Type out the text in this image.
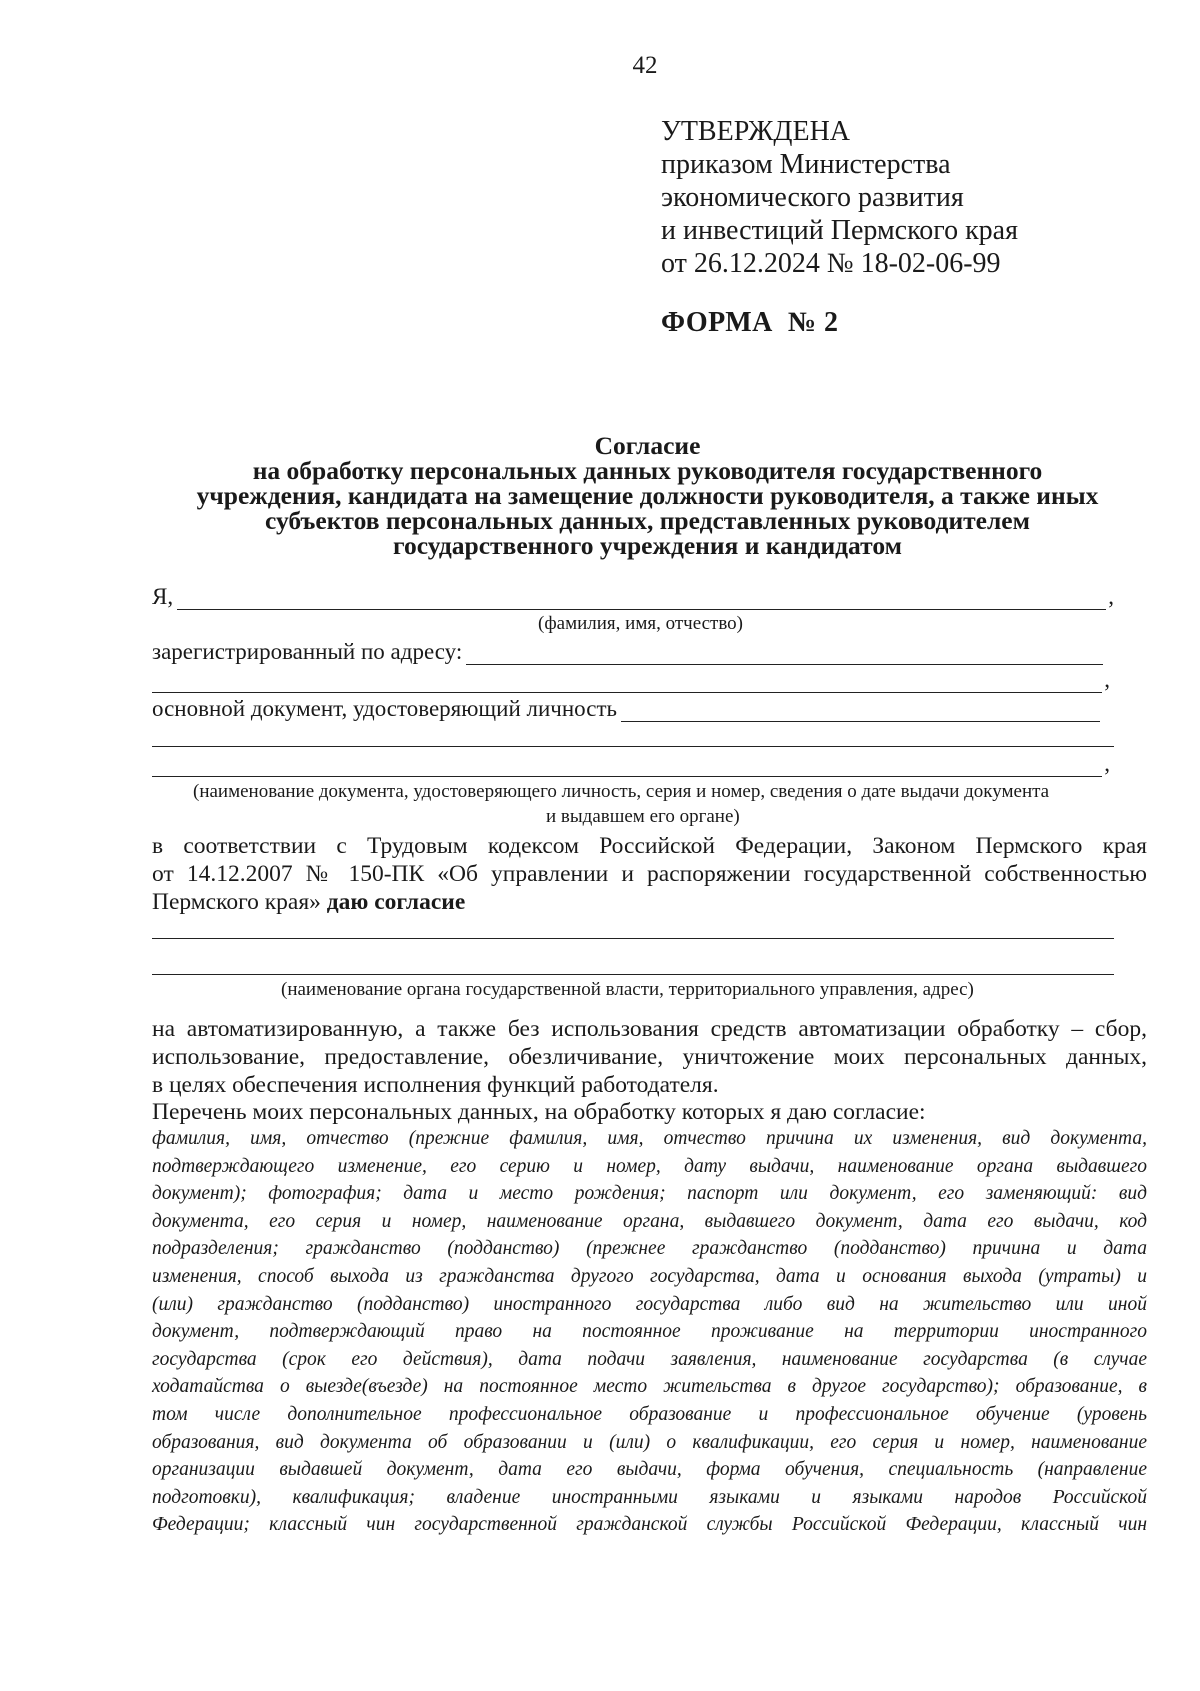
42
УТВЕРЖДЕНА
приказом Министерства
экономического развития
и инвестиций Пермского края
от 26.12.2024 № 18-02-06-99
ФОРМА  № 2
Согласие
на обработку персональных данных руководителя государственного
учреждения, кандидата на замещение должности руководителя, а также иных
субъектов персональных данных, представленных руководителем
государственного учреждения и кандидатом
Я,	,
(фамилия, имя, отчество)
зарегистрированный по адресу:
,
основной документ, удостоверяющий личность
,
(наименование документа, удостоверяющего личность, серия и номер, сведения о дате выдачи документа
и выдавшем его органе)
в соответствии с Трудовым кодексом Российской Федерации, Законом Пермского края
от 14.12.2007 № 150-ПК «Об управлении и распоряжении государственной собственностью
Пермского края» даю согласие
(наименование органа государственной власти, территориального управления, адрес)
на автоматизированную, а также без использования средств автоматизации обработку – сбор,
использование, предоставление, обезличивание, уничтожение моих персональных данных,
в целях обеспечения исполнения функций работодателя.
Перечень моих персональных данных, на обработку которых я даю согласие:
фамилия, имя, отчество (прежние фамилия, имя, отчество причина их изменения, вид документа,
подтверждающего изменение, его серию и номер, дату выдачи, наименование органа выдавшего
документ); фотография; дата и место рождения; паспорт или документ, его заменяющий: вид
документа, его серия и номер, наименование органа, выдавшего документ, дата его выдачи, код
подразделения; гражданство (подданство) (прежнее гражданство (подданство) причина и дата
изменения, способ выхода из гражданства другого государства, дата и основания выхода (утраты) и
(или) гражданство (подданство) иностранного государства либо вид на жительство или иной
документ, подтверждающий право на постоянное проживание на территории иностранного
государства (срок его действия), дата подачи заявления, наименование государства (в случае
ходатайства о выезде(въезде) на постоянное место жительства в другое государство); образование, в
том числе дополнительное профессиональное образование и профессиональное обучение (уровень
образования, вид документа об образовании и (или) о квалификации, его серия и номер, наименование
организации выдавшей документ, дата его выдачи, форма обучения, специальность (направление
подготовки), квалификация; владение иностранными языками и языками народов Российской
Федерации; классный чин государственной гражданской службы Российской Федерации, классный чин
